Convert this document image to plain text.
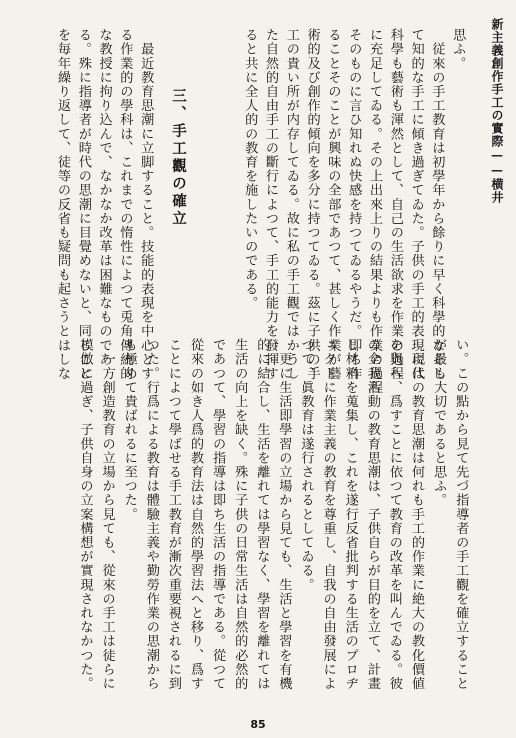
新主義創作手工の實際——横井
思ふ。
　従來の手工教育は初學年から餘りに早く科學的なそし
て知的な手工に傾き過ぎてゐた。子供の手工的表現には
科學も藝術も渾然として、自己の生活欲求を作業の過程
に充足してゐる。その上出來上りの結果よりも作業の過程
そのものに言ひ知れぬ快感を持つてゐるやうだ。即ち作
ることそのことが興味の全部であつて、甚しく作業が藝
術的及び創作的傾向を多分に持つてゐる。茲に子供の手
工の貴い所が内存してゐる。故に私の手工觀ではかうし
た自然的自由手工の斷行によつて、手工的能力を發揮す
ると共に全人的の教育を施したいのである。
　最近教育思潮に立脚すること。技能的表現を中心とす
る作業的の學科は、これまでの惰性によつて兎角傳統的
な教授に拘り込んで、なかなか改革は困難なものであ
る。殊に指導者が時代の思潮に目覺めないと、同じこと
を毎年繰り返して、徒等の反省も疑問も起さうとはしな	三、手工觀の確立
い。この點から見て先づ指導者の手工觀を確立すること
が最も大切であると思ふ。
　現代の教育思潮は何れも手工的作業に絶大の教化價値
を與へ、爲すことに依つて教育の改革を叫んでゐる。彼
の全我活動の教育思潮は、子供自らが目的を立て、計畫
し材料を蒐集し、これを遂行反省批判する生活のプロヂ
ェクトに作業主義の教育を尊重し、自我の自由發展によ
つて、眞教育は遂行されるとしてゐる。
　更に生活即學習の立場から見ても、生活と學習を有機
的に結合し、生活を離れては學習なく、學習を離れては
生活の向上を缺く。殊に子供の日常生活は自然的必然的
であつて、學習の指導は即ち生活の指導である。從つて
從來の如き人爲的教育法は自然的學習法へと移り、爲す
ことによつて學ばせる手工教育が漸次重要視されるに到
つた。行爲による教育は體驗主義や勤勞作業の思潮から
も極めて貴ばれるに至つた。
　一方創造教育の立場から見ても、從來の手工は徒らに
模倣に過ぎ、子供自身の立案構想が實現されなかつた。
85
